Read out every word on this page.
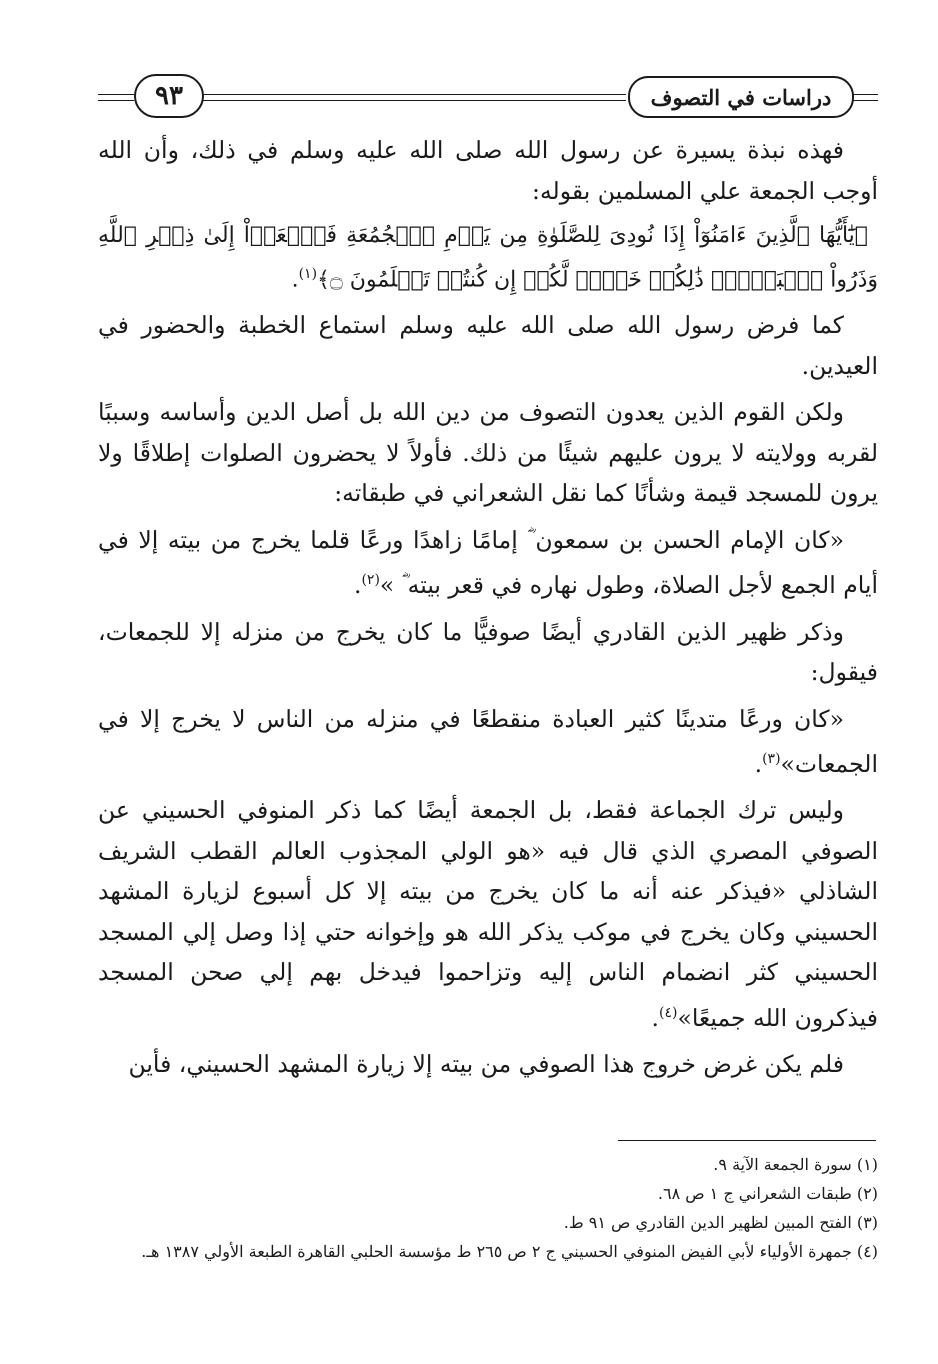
٩٣	دراسات في التصوف

فهذه نبذة يسيرة عن رسول الله صلى الله عليه وسلم في ذلك، وأن الله أوجب الجمعة علي المسلمين بقوله:

﴿يَٰٓأَيُّهَا ٱلَّذِينَ ءَامَنُوٓاْ إِذَا نُودِىَ لِلصَّلَوٰةِ مِن يَوۡمِ ٱلۡجُمُعَةِ فَٱسۡعَوۡاْ إِلَىٰ ذِكۡرِ ٱللَّهِ وَذَرُواْ ٱلۡبَيۡعَۚ ذَٰلِكُمۡ خَيۡرٞ لَّكُمۡ إِن كُنتُمۡ تَعۡلَمُونَ ۝﴾$^{(١)}$.

كما فرض رسول الله صلى الله عليه وسلم استماع الخطبة والحضور في العيدين.

ولكن القوم الذين يعدون التصوف من دين الله بل أصل الدين وأساسه وسببًا لقربه وولايته لا يرون عليهم شيئًا من ذلك. فأولاً لا يحضرون الصلوات إطلاقًا ولا يرون للمسجد قيمة وشأنًا كما نقل الشعراني في طبقاته:

«كان الإمام الحسن بن سمعون ؓ إمامًا زاهدًا ورعًا قلما يخرج من بيته إلا في أيام الجمع لأجل الصلاة، وطول نهاره في قعر بيته ؓ »$^{(٢)}$.

وذكر ظهير الذين القادري أيضًا صوفيًّا ما كان يخرج من منزله إلا للجمعات، فيقول:

«كان ورعًا متدينًا كثير العبادة منقطعًا في منزله من الناس لا يخرج إلا في الجمعات»$^{(٣)}$.

وليس ترك الجماعة فقط، بل الجمعة أيضًا كما ذكر المنوفي الحسيني عن الصوفي المصري الذي قال فيه «هو الولي المجذوب العالم القطب الشريف الشاذلي «فيذكر عنه أنه ما كان يخرج من بيته إلا كل أسبوع لزيارة المشهد الحسيني وكان يخرج في موكب يذكر الله هو وإخوانه حتي إذا وصل إلي المسجد الحسيني كثر انضمام الناس إليه وتزاحموا فيدخل بهم إلي صحن المسجد فيذكرون الله جميعًا»$^{(٤)}$.

فلم يكن غرض خروج هذا الصوفي من بيته إلا زيارة المشهد الحسيني، فأين

(١) سورة الجمعة الآية ٩.
(٢) طبقات الشعراني ج ١ ص ٦٨.
(٣) الفتح المبين لظهير الدين القادري ص ٩١ ط.
(٤) جمهرة الأولياء لأبي الفيض المنوفي الحسيني ج ٢ ص ٢٦٥ ط مؤسسة الحلبي القاهرة الطبعة الأولي ١٣٨٧ هـ.
